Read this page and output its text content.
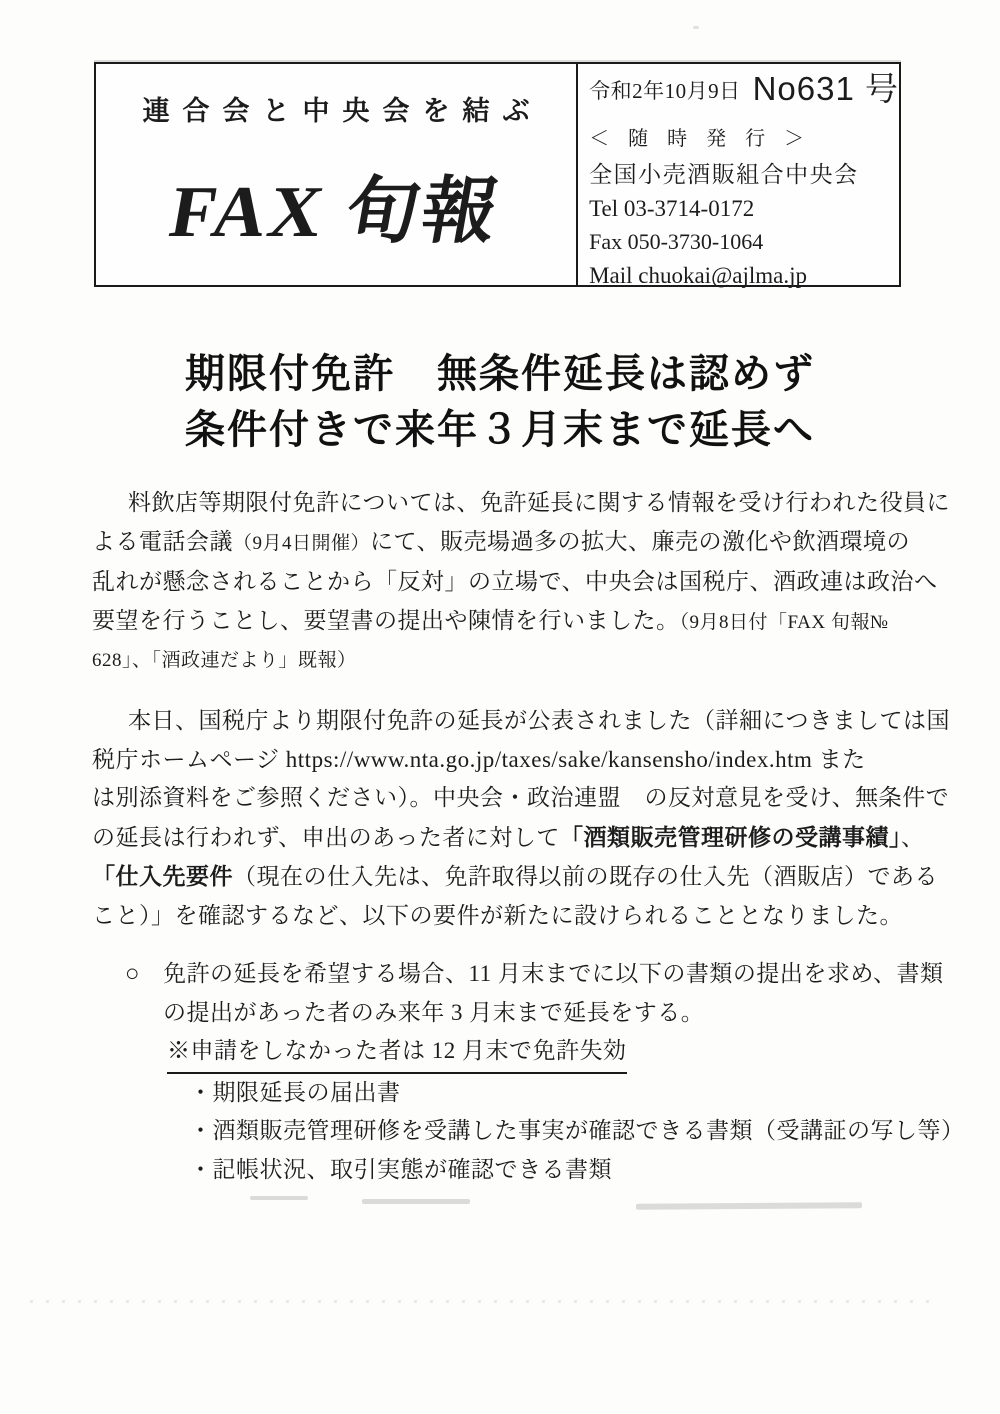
連合会と中央会を結ぶ
FAX 旬報
令和2年10月9日 No631 号
＜ 随 時 発 行 ＞
全国小売酒販組合中央会
Tel 03-3714-0172
Fax 050-3730-1064
Mail chuokai@ajlma.jp
期限付免許　無条件延長は認めず
条件付きで来年３月末まで延長へ
料飲店等期限付免許については、免許延長に関する情報を受け行われた役員に
よる電話会議（9月4日開催）にて、販売場過多の拡大、廉売の激化や飲酒環境の
乱れが懸念されることから「反対」の立場で、中央会は国税庁、酒政連は政治へ
要望を行うことし、要望書の提出や陳情を行いました。（9月8日付「FAX 旬報№
628」、「酒政連だより」既報）
本日、国税庁より期限付免許の延長が公表されました（詳細につきましては国
税庁ホームページ https://www.nta.go.jp/taxes/sake/kansensho/index.htm また
は別添資料をご参照ください）。中央会・政治連盟　の反対意見を受け、無条件で
の延長は行われず、申出のあった者に対して「酒類販売管理研修の受講事績」、
「仕入先要件（現在の仕入先は、免許取得以前の既存の仕入先（酒販店）である
こと）」を確認するなど、以下の要件が新たに設けられることとなりました。
○	免許の延長を希望する場合、11 月末までに以下の書類の提出を求め、書類
の提出があった者のみ来年 3 月末まで延長をする。
※申請をしなかった者は 12 月末で免許失効
・期限延長の届出書
・酒類販売管理研修を受講した事実が確認できる書類（受講証の写し等）
・記帳状況、取引実態が確認できる書類
